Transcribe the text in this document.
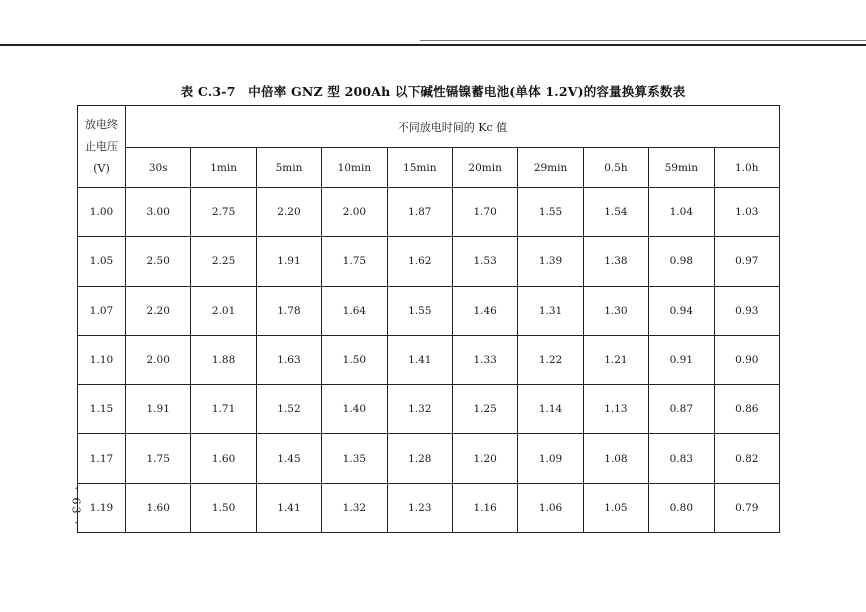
表 C.3-7　中倍率 GNZ 型 200Ah 以下碱性镉镍蓄电池(单体 1.2V)的容量换算系数表
放电终
止电压
(V)	不同放电时间的 Kc 值									
	30s	1min	5min	10min	15min	20min	29min	0.5h	59min	1.0h
1.00	3.00	2.75	2.20	2.00	1.87	1.70	1.55	1.54	1.04	1.03
1.05	2.50	2.25	1.91	1.75	1.62	1.53	1.39	1.38	0.98	0.97
1.07	2.20	2.01	1.78	1.64	1.55	1.46	1.31	1.30	0.94	0.93
1.10	2.00	1.88	1.63	1.50	1.41	1.33	1.22	1.21	0.91	0.90
1.15	1.91	1.71	1.52	1.40	1.32	1.25	1.14	1.13	0.87	0.86
1.17	1.75	1.60	1.45	1.35	1.28	1.20	1.09	1.08	0.83	0.82
1.19	1.60	1.50	1.41	1.32	1.23	1.16	1.06	1.05	0.80	0.79
· 63 ·
